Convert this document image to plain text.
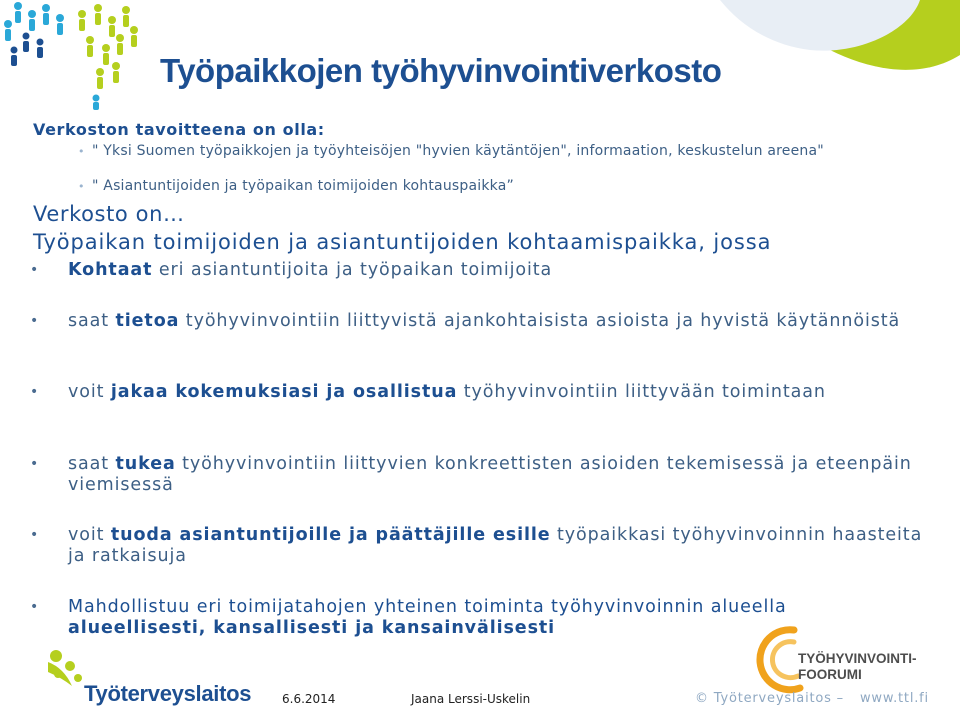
Työpaikkojen työhyvinvointiverkosto
Verkoston tavoitteena on olla:
• " Yksi Suomen työpaikkojen ja työyhteisöjen "hyvien käytäntöjen", informaation, keskustelun areena"
• " Asiantuntijoiden ja työpaikan toimijoiden kohtauspaikka”
Verkosto on…
Työpaikan toimijoiden ja asiantuntijoiden kohtaamispaikka, jossa
• Kohtaat eri asiantuntijoita ja työpaikan toimijoita
• saat tietoa työhyvinvointiin liittyvistä ajankohtaisista asioista ja hyvistä käytännöistä
• voit jakaa kokemuksiasi ja osallistua työhyvinvointiin liittyvään toimintaan
• saat tukea työhyvinvointiin liittyvien konkreettisten asioiden tekemisessä ja eteenpäin viemisessä
• voit tuoda asiantuntijoille ja päättäjille esille työpaikkasi työhyvinvoinnin haasteita ja ratkaisuja
• Mahdollistuu eri toimijatahojen yhteinen toiminta työhyvinvoinnin alueella alueellisesti, kansallisesti ja kansainvälisesti
Työterveyslaitos	6.6.2014	Jaana Lerssi-Uskelin
TYÖHYVINVOINTI-
FOORUMI
© Työterveyslaitos – www.ttl.fi
